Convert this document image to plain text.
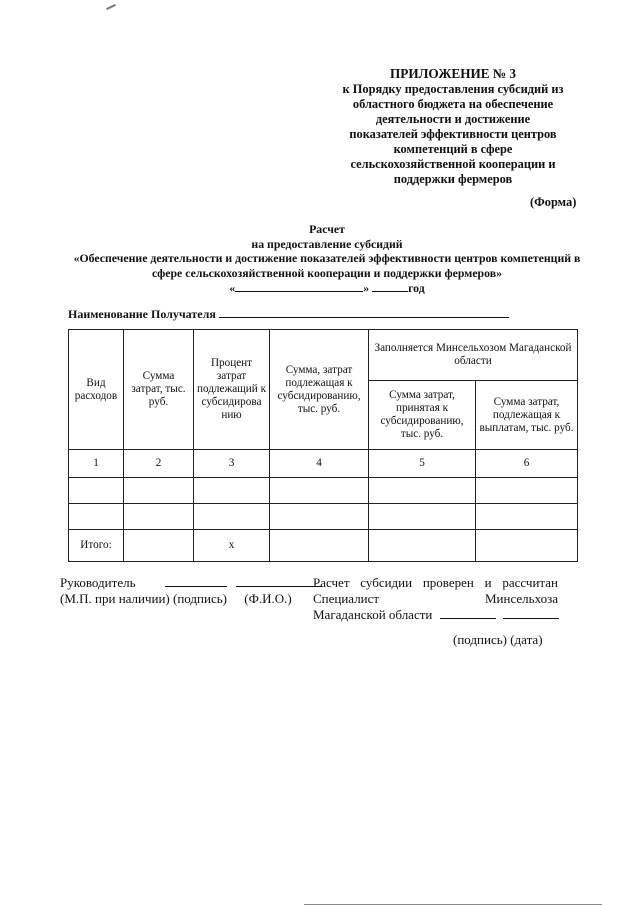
ПРИЛОЖЕНИЕ № 3
к Порядку предоставления субсидий из
областного бюджета на обеспечение
деятельности и достижение
показателей эффективности центров
компетенций в сфере
сельскохозяйственной кооперации и
поддержки фермеров
(Форма)
Расчет
на предоставление субсидий
«Обеспечение деятельности и достижение показателей эффективности центров компетенций в
сфере сельскохозяйственной кооперации и поддержки фермеров»
«	»	год
Наименование Получателя
Вид расходов	Сумма затрат, тыс. руб.	Процент затрат подлежащий к субсидирова нию	Сумма, затрат подлежащая к субсидированию, тыс. руб.	Заполняется Минсельхозом Магаданской области	
				Сумма затрат, принятая к субсидированию, тыс. руб.	Сумма затрат, подлежащая к выплатам, тыс. руб.
1	2	3	4	5	6

Итого:		х			
Руководитель
(М.П. при наличии) (подпись) (Ф.И.О.)
Расчет субсидии проверен и рассчитан
Специалист	Минсельхоза
Магаданской области
(подпись) (дата)
